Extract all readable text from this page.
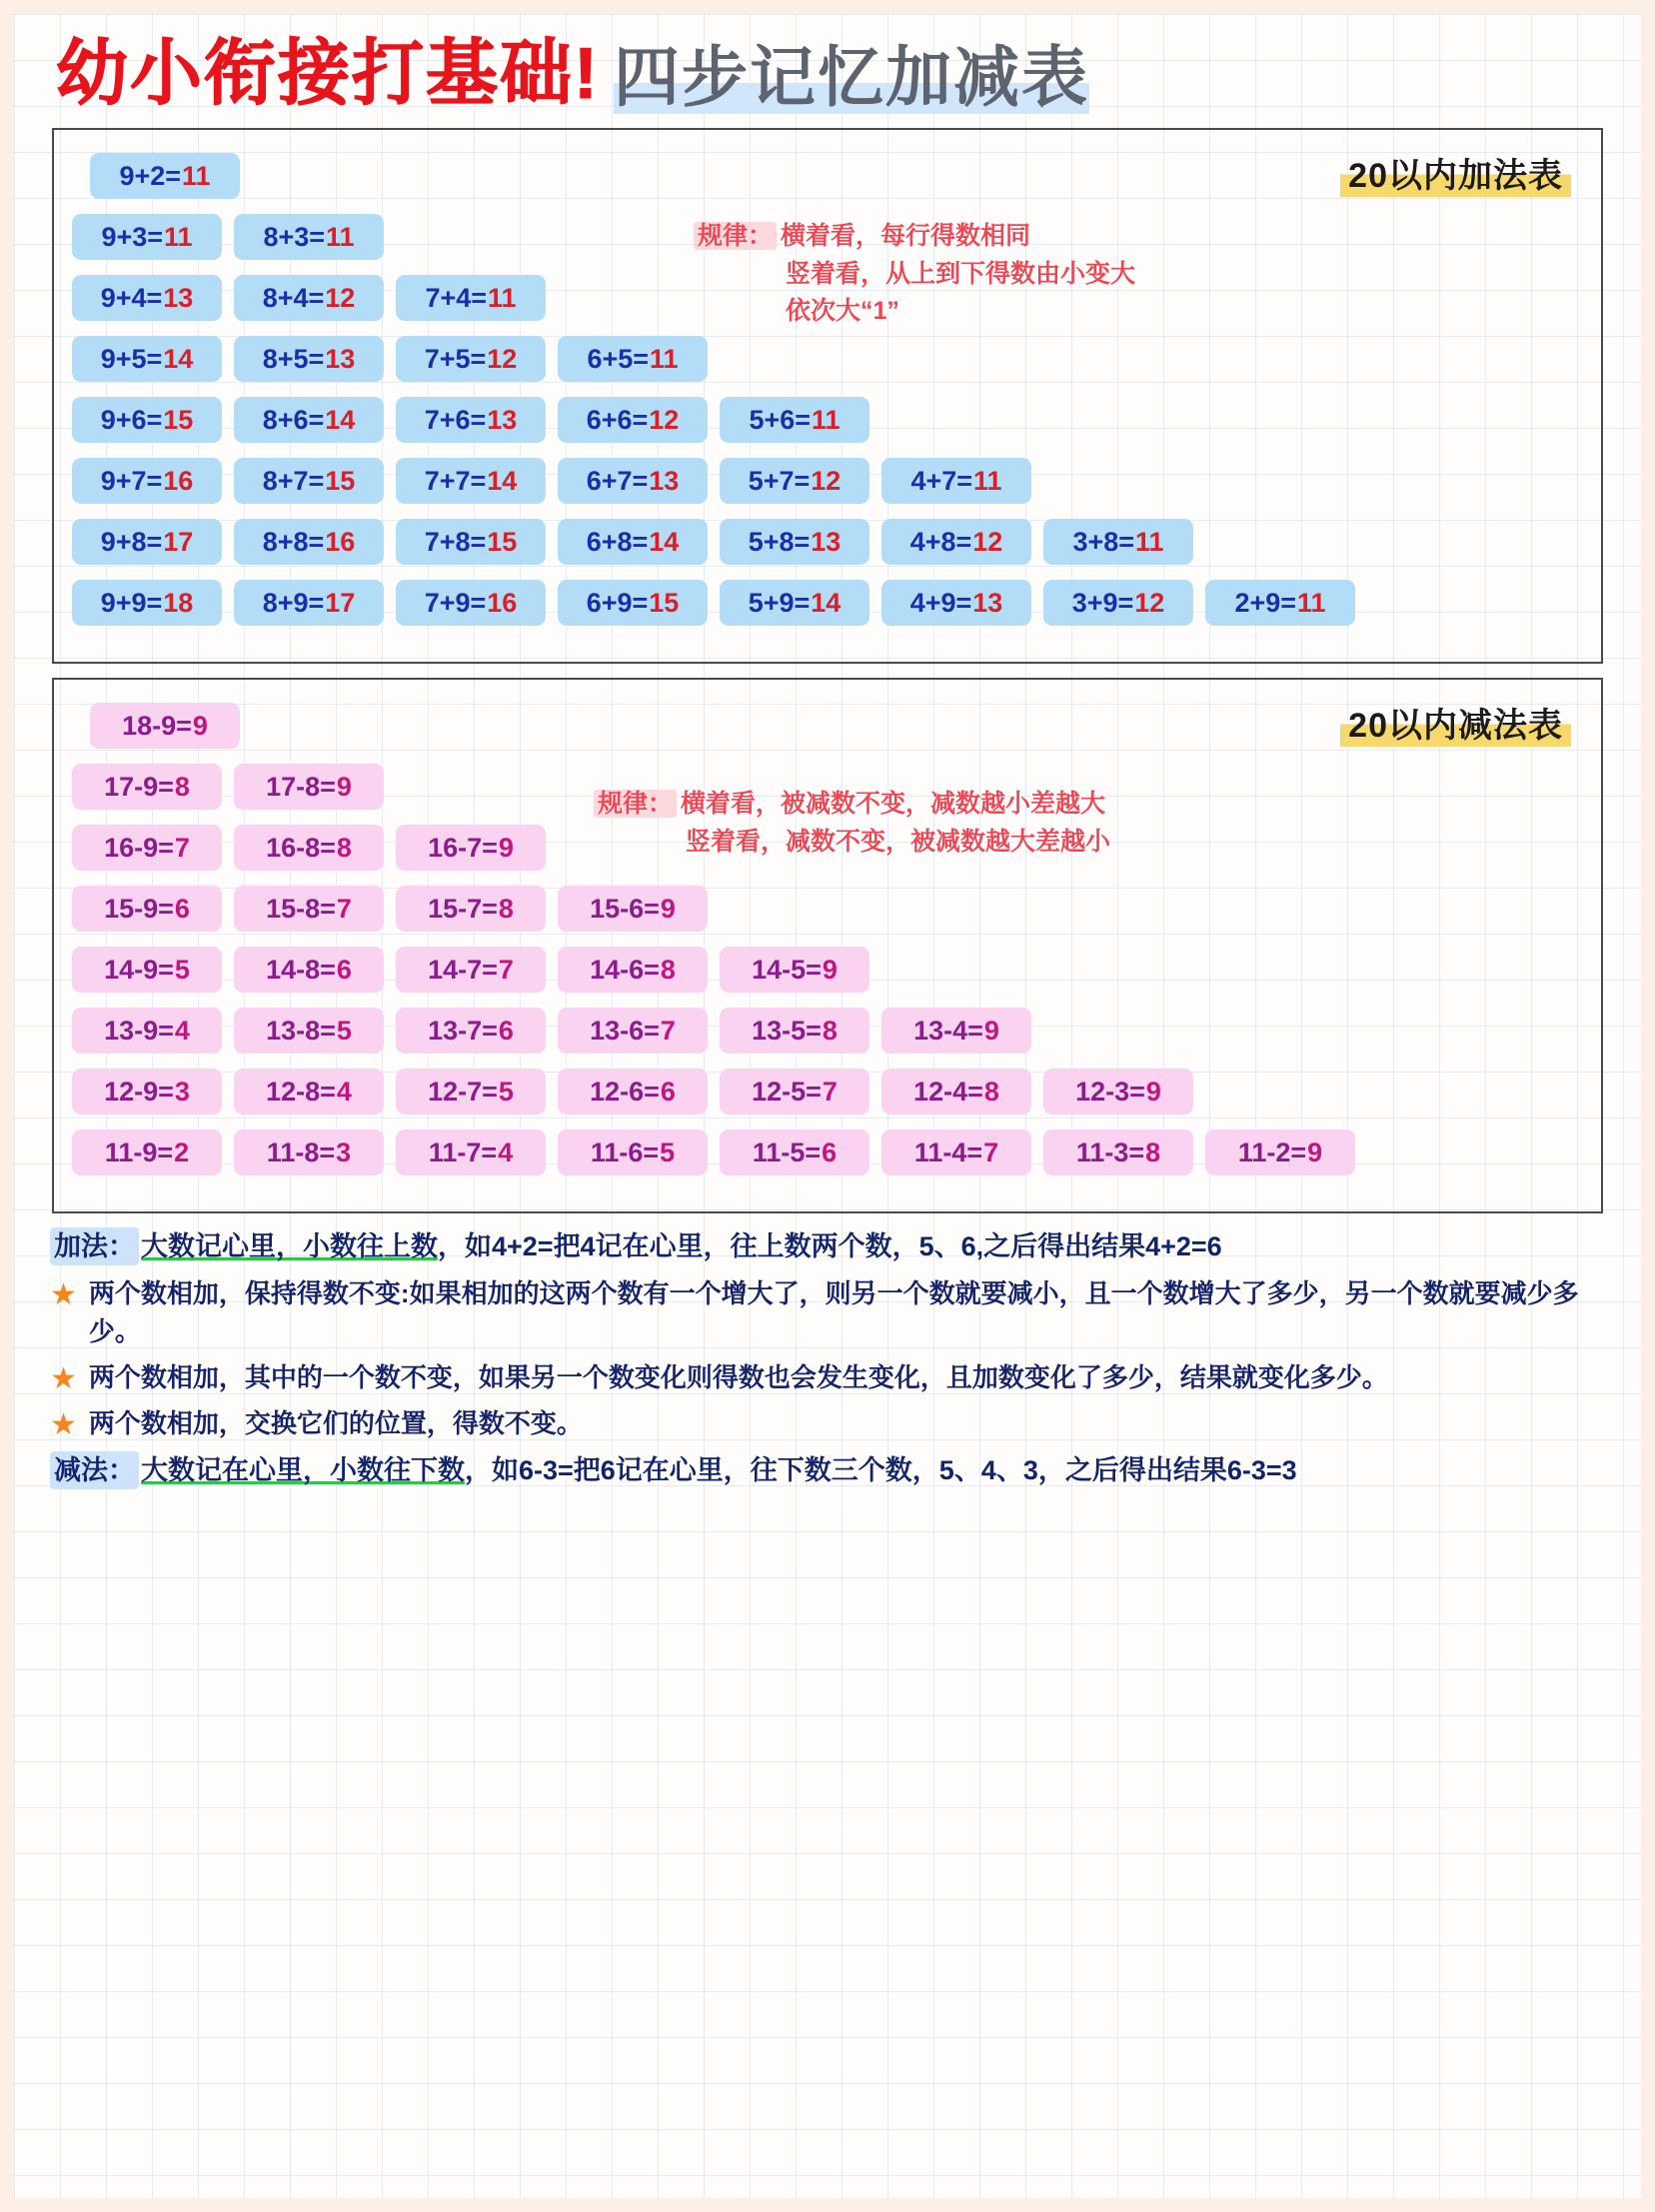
幼小衔接打基础! 四步记忆加减表
20以内加法表
规律： 横着看，每行得数相同
竖着看，从上到下得数由小变大
依次大“1”
9+2= 11
9+3= 11	8+3= 11
9+4= 13	8+4= 12	7+4= 11
9+5= 14	8+5= 13	7+5= 12	6+5= 11
9+6= 15	8+6= 14	7+6= 13	6+6= 12	5+6= 11
9+7= 16	8+7= 15	7+7= 14	6+7= 13	5+7= 12	4+7= 11
9+8= 17	8+8= 16	7+8= 15	6+8= 14	5+8= 13	4+8= 12	3+8= 11
9+9= 18	8+9= 17	7+9= 16	6+9= 15	5+9= 14	4+9= 13	3+9= 12	2+9= 11
20以内减法表
规律： 横着看，被减数不变，减数越小差越大
竖着看，减数不变，被减数越大差越小
18-9= 9
17-9= 8	17-8= 9
16-9= 7	16-8= 8	16-7= 9
15-9= 6	15-8= 7	15-7= 8	15-6= 9
14-9= 5	14-8= 6	14-7= 7	14-6= 8	14-5= 9
13-9= 4	13-8= 5	13-7= 6	13-6= 7	13-5= 8	13-4= 9
12-9= 3	12-8= 4	12-7= 5	12-6= 6	12-5= 7	12-4= 8	12-3= 9
11-9= 2	11-8= 3	11-7= 4	11-6= 5	11-5= 6	11-4= 7	11-3= 8	11-2= 9
加法： 大数记心里，小数往上数，如4+2=把4记在心里，往上数两个数，5、6,之后得出结果4+2=6
★ 两个数相加，保持得数不变:如果相加的这两个数有一个增大了，则另一个数就要减小，且一个数增大了多少，另一个数就要减少多少。
★ 两个数相加，其中的一个数不变，如果另一个数变化则得数也会发生变化，且加数变化了多少，结果就变化多少。
★ 两个数相加，交换它们的位置，得数不变。
减法： 大数记在心里，小数往下数，如6-3=把6记在心里，往下数三个数，5、4、3，之后得出结果6-3=3
